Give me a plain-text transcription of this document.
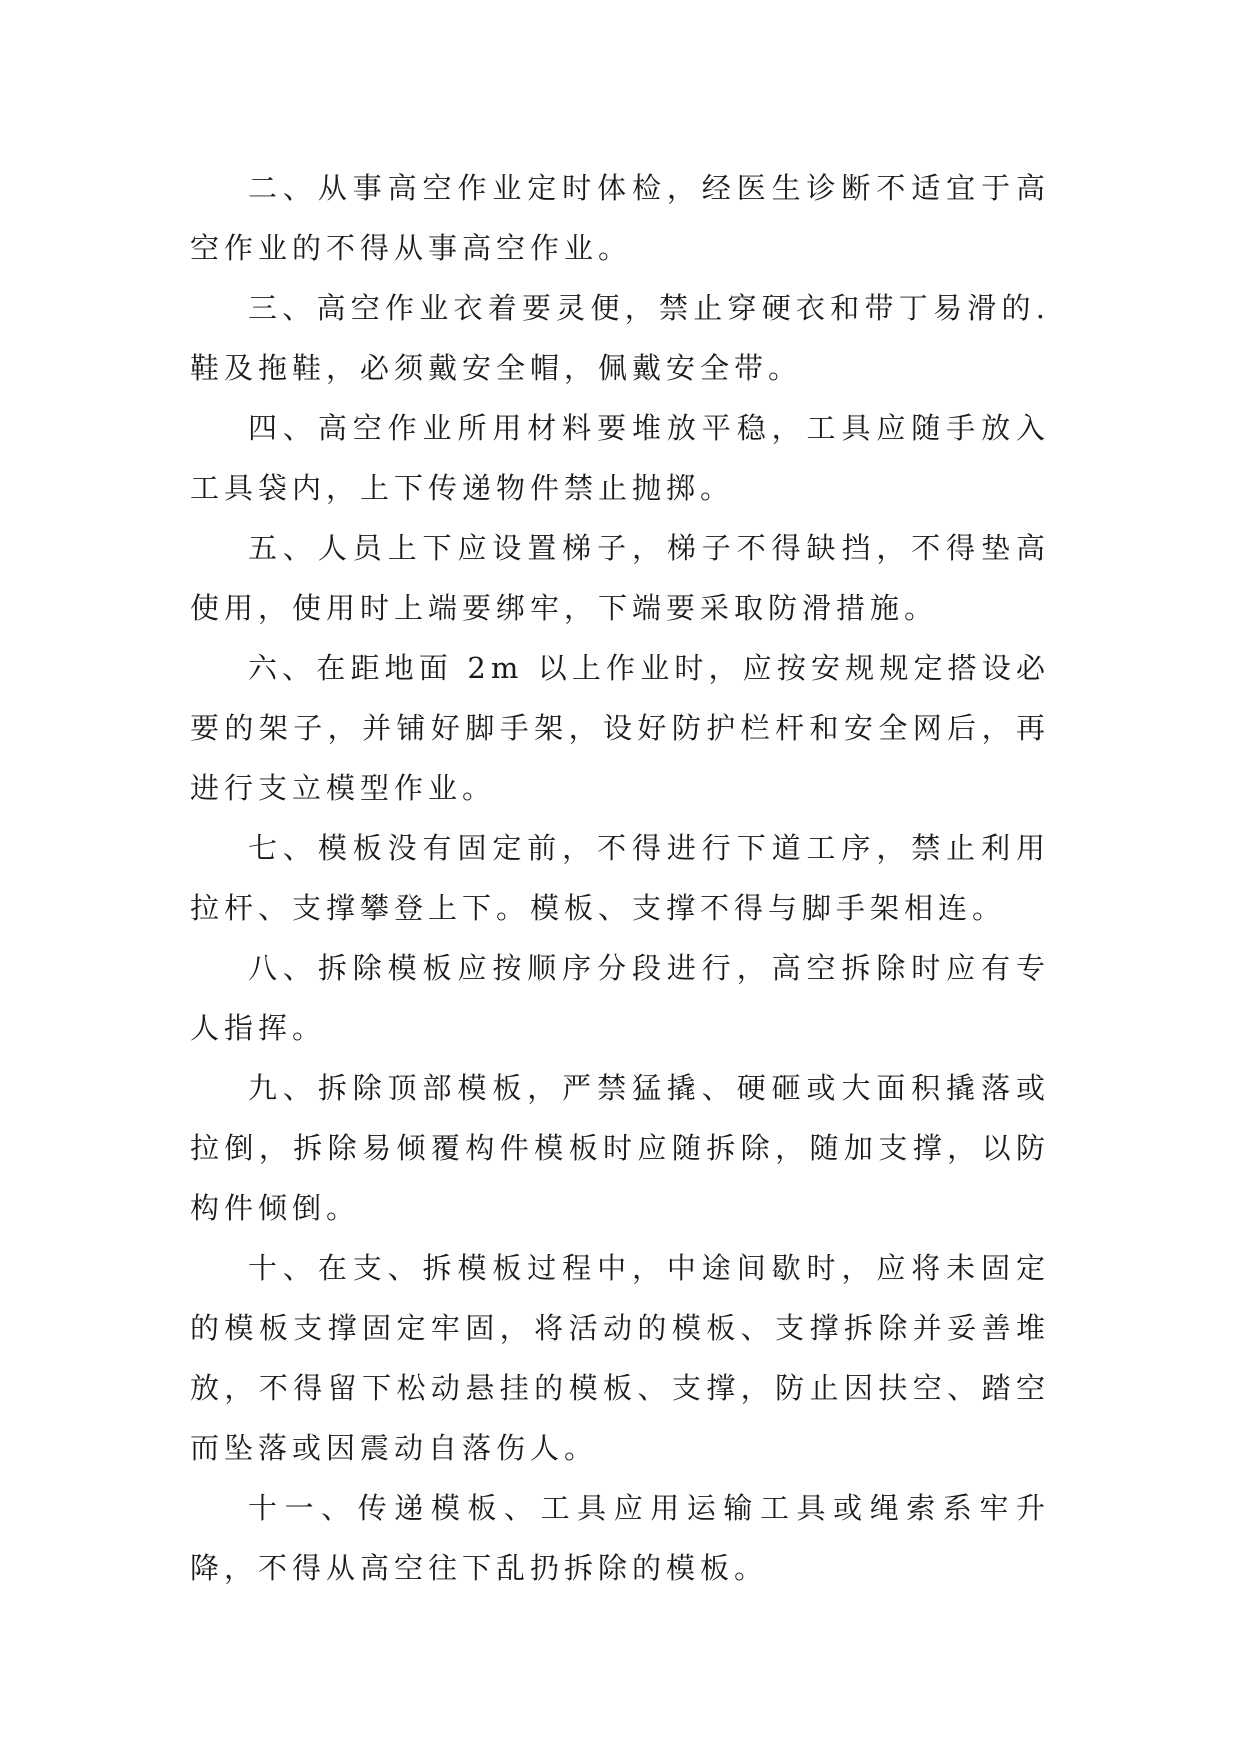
二、从事高空作业定时体检，经医生诊断不适宜于高空作业的不得从事高空作业。

三、高空作业衣着要灵便，禁止穿硬衣和带丁易滑的.鞋及拖鞋，必须戴安全帽，佩戴安全带。

四、高空作业所用材料要堆放平稳，工具应随手放入工具袋内，上下传递物件禁止抛掷。

五、人员上下应设置梯子，梯子不得缺挡，不得垫高使用，使用时上端要绑牢，下端要采取防滑措施。

六、在距地面 2m 以上作业时，应按安规规定搭设必要的架子，并铺好脚手架，设好防护栏杆和安全网后，再进行支立模型作业。

七、模板没有固定前，不得进行下道工序，禁止利用拉杆、支撑攀登上下。模板、支撑不得与脚手架相连。

八、拆除模板应按顺序分段进行，高空拆除时应有专人指挥。

九、拆除顶部模板，严禁猛撬、硬砸或大面积撬落或拉倒，拆除易倾覆构件模板时应随拆除，随加支撑，以防构件倾倒。

十、在支、拆模板过程中，中途间歇时，应将未固定的模板支撑固定牢固，将活动的模板、支撑拆除并妥善堆放，不得留下松动悬挂的模板、支撑，防止因扶空、踏空而坠落或因震动自落伤人。

十一、传递模板、工具应用运输工具或绳索系牢升降，不得从高空往下乱扔拆除的模板。
